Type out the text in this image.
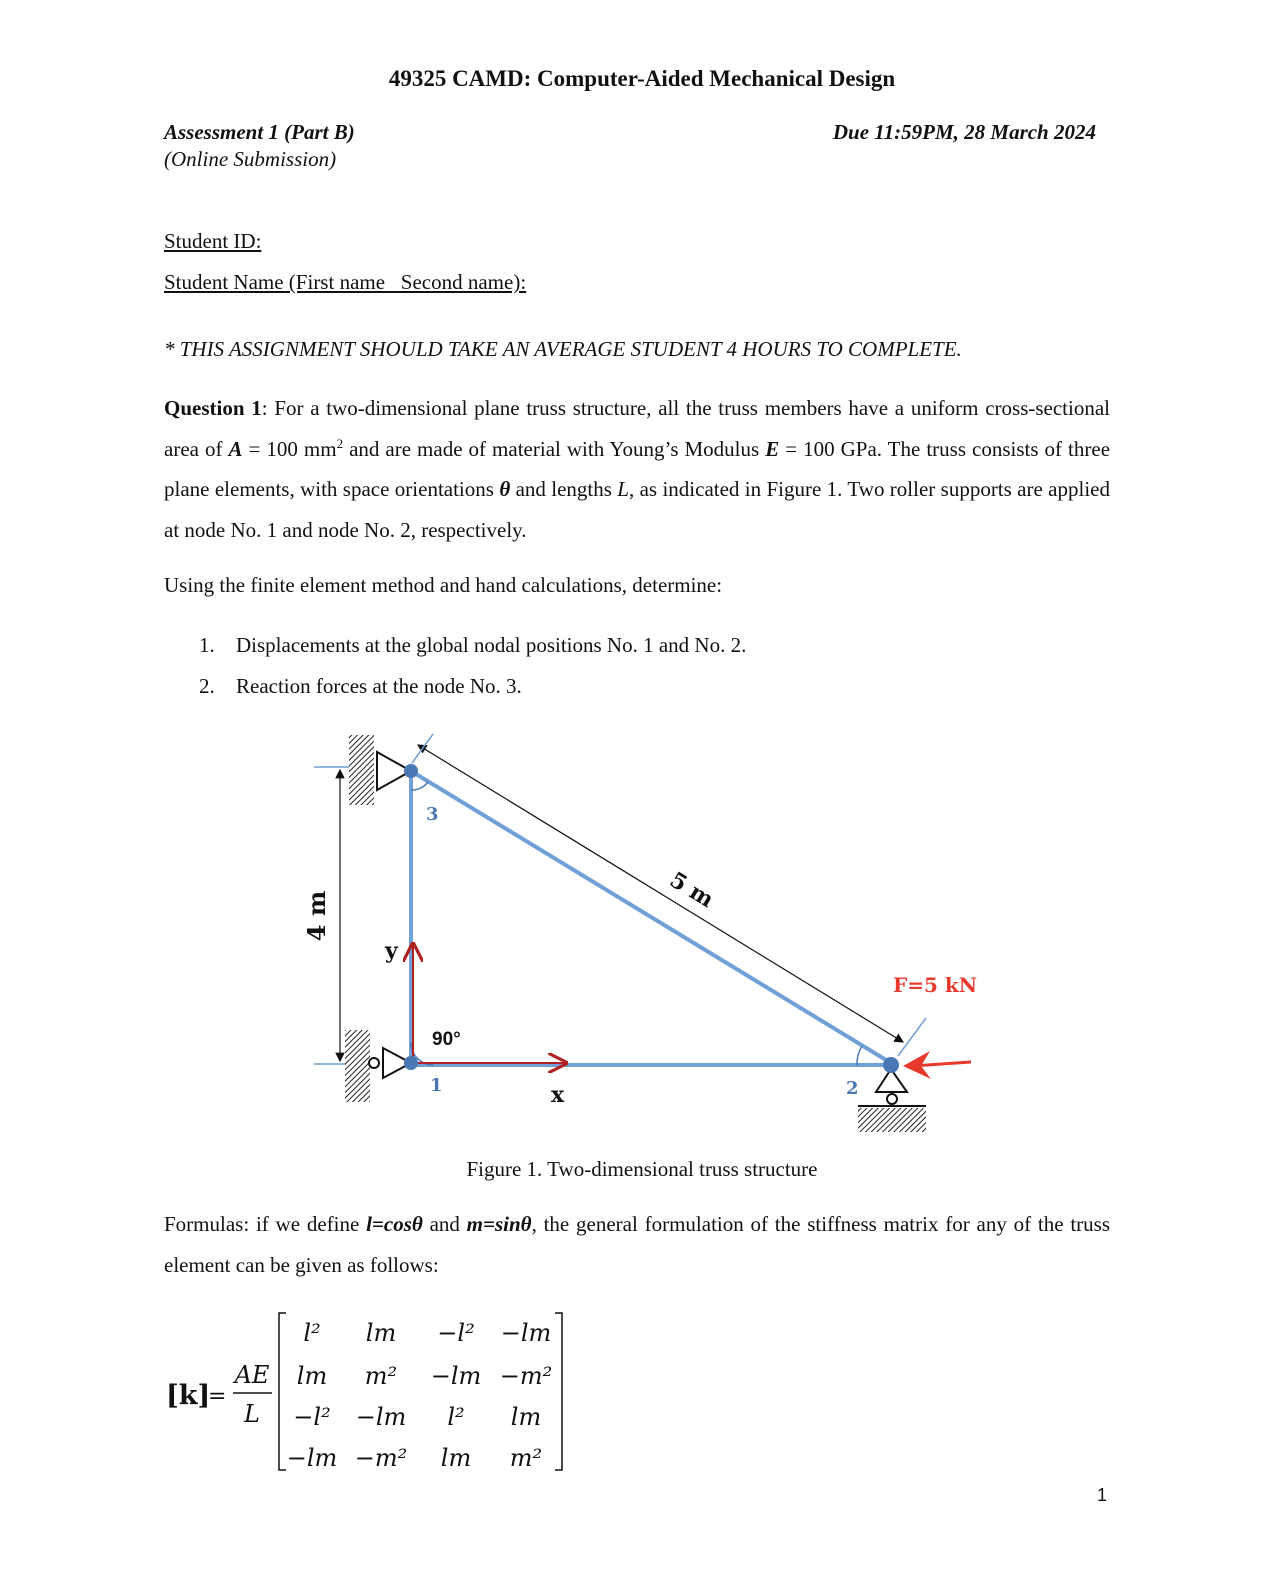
49325 CAMD: Computer-Aided Mechanical Design
Assessment 1 (Part B)
(Online Submission)
Due 11:59PM, 28 March 2024
Student ID:
Student Name (First name   Second name):
* THIS ASSIGNMENT SHOULD TAKE AN AVERAGE STUDENT 4 HOURS TO COMPLETE.
Question 1: For a two-dimensional plane truss structure, all the truss members have a uniform cross-sectional area of A = 100 $mm^2$ and are made of material with Young’s Modulus E = 100 GPa. The truss consists of three plane elements, with space orientations θ and lengths L, as indicated in Figure 1. Two roller supports are applied at node No. 1 and node No. 2, respectively.
Using the finite element method and hand calculations, determine:
1. Displacements at the global nodal positions No. 1 and No. 2.
2. Reaction forces at the node No. 3.
4 m
5 m
y
x
90°
3
1	2
F=5 kN
Figure 1. Two-dimensional truss structure
Formulas: if we define l=cosθ and m=sinθ, the general formulation of the stiffness matrix for any of the truss element can be given as follows:
[k]
=
AE
L
l² lm −l² −lm
lm m² −lm −m²
−l² −lm l² lm
−lm −m² lm m²
1
